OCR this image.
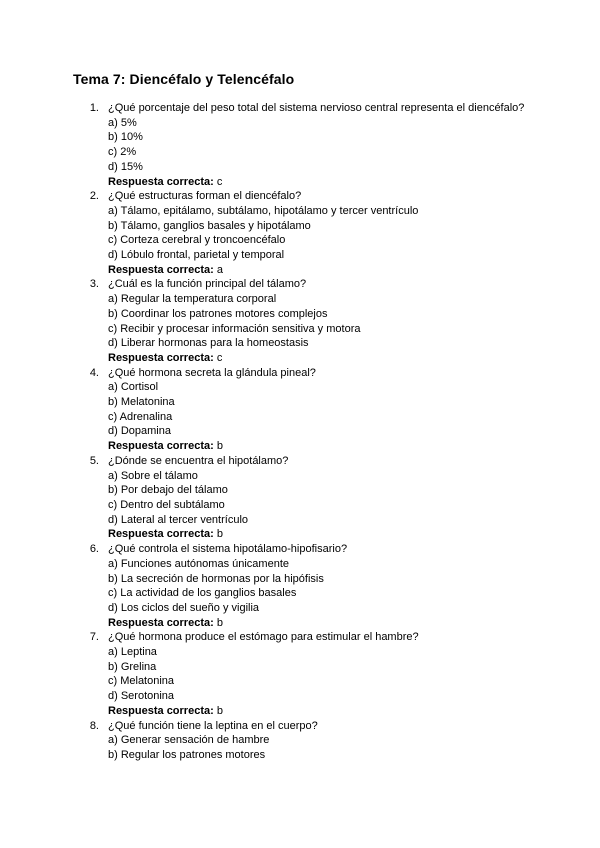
Tema 7: Diencéfalo y Telencéfalo
1. ¿Qué porcentaje del peso total del sistema nervioso central representa el diencéfalo?
a) 5%
b) 10%
c) 2%
d) 15%
Respuesta correcta: c
2. ¿Qué estructuras forman el diencéfalo?
a) Tálamo, epitálamo, subtálamo, hipotálamo y tercer ventrículo
b) Tálamo, ganglios basales y hipotálamo
c) Corteza cerebral y troncoencéfalo
d) Lóbulo frontal, parietal y temporal
Respuesta correcta: a
3. ¿Cuál es la función principal del tálamo?
a) Regular la temperatura corporal
b) Coordinar los patrones motores complejos
c) Recibir y procesar información sensitiva y motora
d) Liberar hormonas para la homeostasis
Respuesta correcta: c
4. ¿Qué hormona secreta la glándula pineal?
a) Cortisol
b) Melatonina
c) Adrenalina
d) Dopamina
Respuesta correcta: b
5. ¿Dónde se encuentra el hipotálamo?
a) Sobre el tálamo
b) Por debajo del tálamo
c) Dentro del subtálamo
d) Lateral al tercer ventrículo
Respuesta correcta: b
6. ¿Qué controla el sistema hipotálamo-hipofisario?
a) Funciones autónomas únicamente
b) La secreción de hormonas por la hipófisis
c) La actividad de los ganglios basales
d) Los ciclos del sueño y vigilia
Respuesta correcta: b
7. ¿Qué hormona produce el estómago para estimular el hambre?
a) Leptina
b) Grelina
c) Melatonina
d) Serotonina
Respuesta correcta: b
8. ¿Qué función tiene la leptina en el cuerpo?
a) Generar sensación de hambre
b) Regular los patrones motores
